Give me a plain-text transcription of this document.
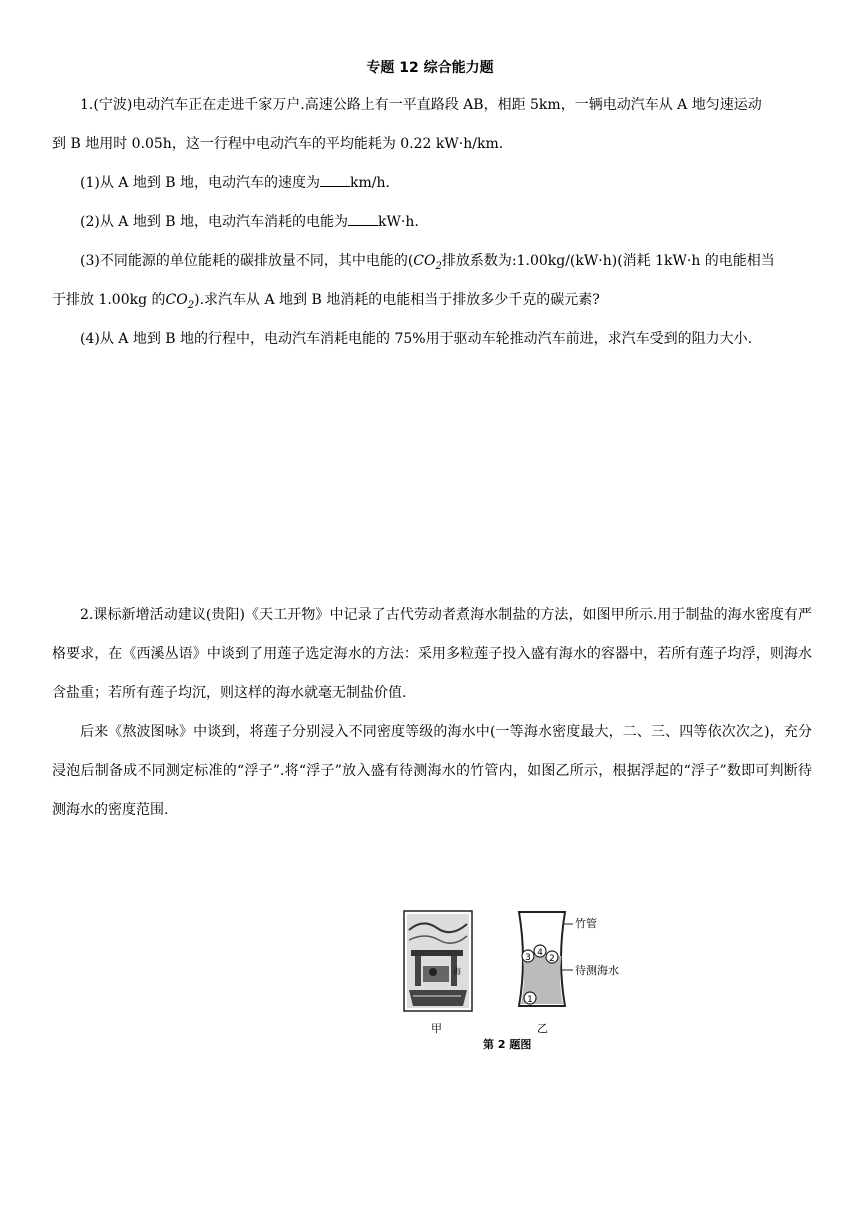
专题 12 综合能力题
1.(宁波)电动汽车正在走进千家万户.高速公路上有一平直路段 AB，相距 5km，一辆电动汽车从 A 地匀速运动
到 B 地用时 0.05h，这一行程中电动汽车的平均能耗为 0.22 kW·h/km.
(1)从 A 地到 B 地，电动汽车的速度为 km/h.
(2)从 A 地到 B 地，电动汽车消耗的电能为 kW·h.
(3)不同能源的单位能耗的碳排放量不同，其中电能的($CO_2$排放系数为:1.00kg/(kW·h)(消耗 1kW·h 的电能相当
于排放 1.00kg 的$CO_2$).求汽车从 A 地到 B 地消耗的电能相当于排放多少千克的碳元素?
(4)从 A 地到 B 地的行程中，电动汽车消耗电能的 75%用于驱动车轮推动汽车前进，求汽车受到的阻力大小.
2.课标新增活动建议(贵阳)《天工开物》中记录了古代劳动者煮海水制盐的方法，如图甲所示.用于制盐的海水密度有严格要求，在《西溪丛语》中谈到了用莲子选定海水的方法：采用多粒莲子投入盛有海水的容器中，若所有莲子均浮，则海水含盐重；若所有莲子均沉，则这样的海水就毫无制盐价值.
后来《熬波图咏》中谈到，将莲子分别浸入不同密度等级的海水中(一等海水密度最大，二、三、四等依次次之)，充分浸泡后制备成不同测定标准的“浮子”.将“浮子”放入盛有待测海水的竹管内，如图乙所示，根据浮起的“浮子”数即可判断待测海水的密度范围.
海
甲
3 4
2
1
竹管
待测海水
乙
第 2 题图
